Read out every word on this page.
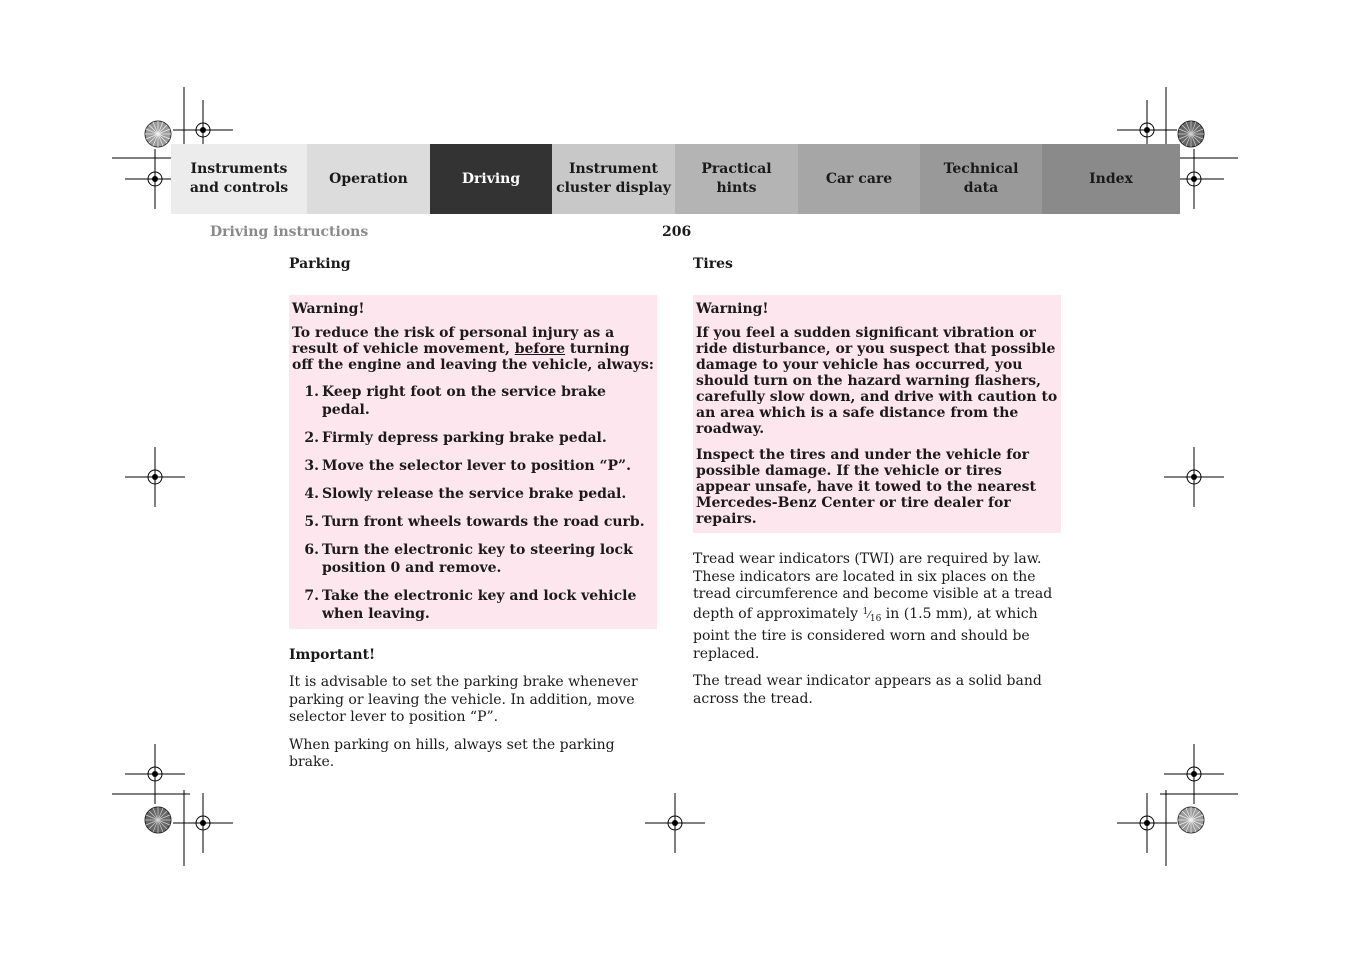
Instruments
and controls
Operation	Driving
Instrument
cluster display
Practical hints
Car care
Technical
data
Index
Driving instructions	206
Parking
Warning!

To reduce the risk of personal injury as a result of vehicle movement, before turning off the engine and leaving the vehicle, always:

1 . Keep right foot on the service brake pedal.
2 . Firmly depress parking brake pedal.
3 . Move the selector lever to position “P”.
4 . Slowly release the service brake pedal.
5 . Turn front wheels towards the road curb.
6 . Turn the electronic key to steering lock position 0 and remove.
7 . Take the electronic key and lock vehicle when leaving.
Important!

It is advisable to set the parking brake whenever parking or leaving the vehicle. In addition, move selector lever to position “P”.

When parking on hills, always set the parking brake.

Tires
Warning!

If you feel a sudden significant vibration or ride disturbance, or you suspect that possible damage to your vehicle has occurred, you should turn on the hazard warning flashers, carefully slow down, and drive with caution to an area which is a safe distance from the roadway.

Inspect the tires and under the vehicle for possible damage. If the vehicle or tires appear unsafe, have it towed to the nearest Mercedes-Benz Center or tire dealer for repairs.

Tread wear indicators (TWI) are required by law. These indicators are located in six places on the tread circumference and become visible at a tread depth of approximately $^1⁄_{16}$ in (1.5 mm), at which point the tire is considered worn and should be replaced.

The tread wear indicator appears as a solid band across the tread.
